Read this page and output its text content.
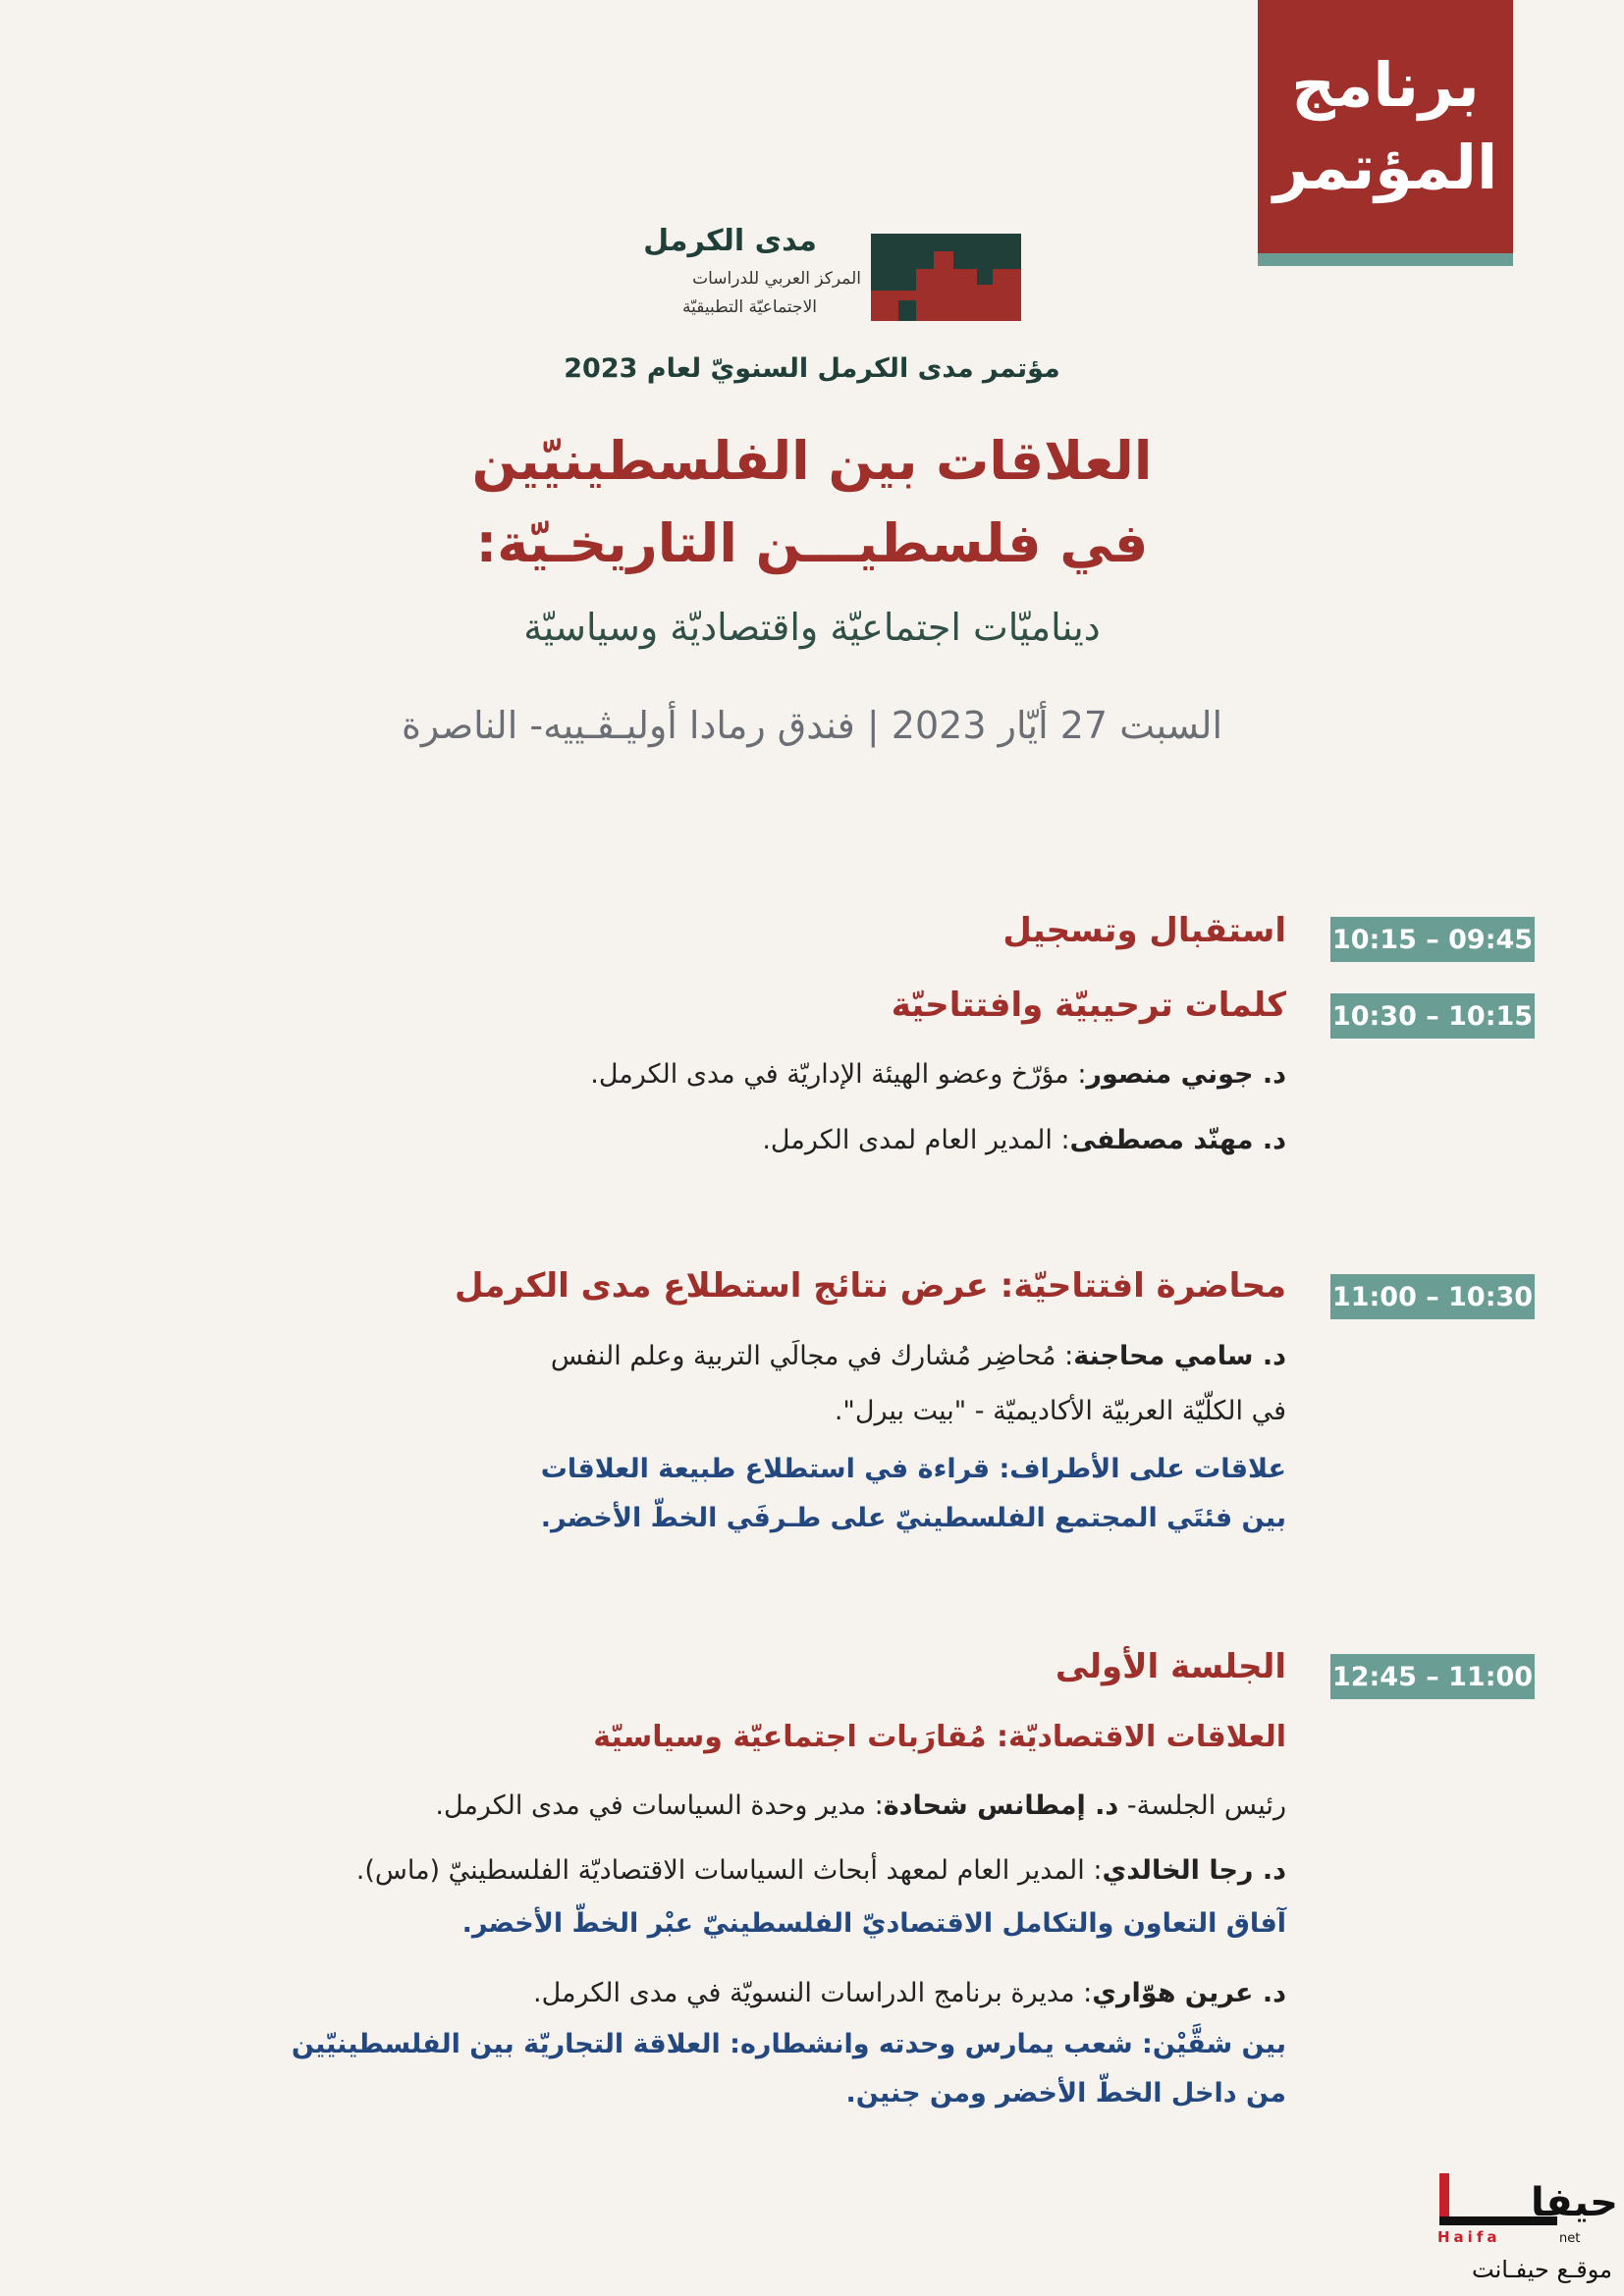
برنامج
المؤتمر
مدى الكرمل
المركز العربي للدراسات
الاجتماعيّة التطبيقيّة
مؤتمر مدى الكرمل السنويّ لعام 2023
العلاقات بين الفلسطينيّين
في فلسطيـــن التاريخـيّة:
ديناميّات اجتماعيّة واقتصاديّة وسياسيّة
السبت 27 أيّار 2023 | فندق رمادا أوليـڤـييه- الناصرة
10:15 – 09:45
استقبال وتسجيل
10:30 – 10:15
كلمات ترحيبيّة وافتتاحيّة
د. جوني منصور: مؤرّخ وعضو الهيئة الإداريّة في مدى الكرمل.
د. مهنّد مصطفى: المدير العام لمدى الكرمل.
11:00 – 10:30
محاضرة افتتاحيّة: عرض نتائج استطلاع مدى الكرمل
د. سامي محاجنة: مُحاضِر مُشارك في مجالَي التربية وعلم النفس
في الكلّيّة العربيّة الأكاديميّة - "بيت بيرل".
علاقات على الأطراف: قراءة في استطلاع طبيعة العلاقات
بين فئتَي المجتمع الفلسطينيّ على طـرفَي الخطّ الأخضر.
12:45 – 11:00
الجلسة الأولى
العلاقات الاقتصاديّة: مُقارَبات اجتماعيّة وسياسيّة
رئيس الجلسة- د. إمطانس شحادة: مدير وحدة السياسات في مدى الكرمل.
د. رجا الخالدي: المدير العام لمعهد أبحاث السياسات الاقتصاديّة الفلسطينيّ (ماس).
آفاق التعاون والتكامل الاقتصاديّ الفلسطينيّ عبْر الخطّ الأخضر.
د. عرين هوّاري: مديرة برنامج الدراسات النسويّة في مدى الكرمل.
بين شقَّيْن: شعب يمارس وحدته وانشطاره: العلاقة التجاريّة بين الفلسطينيّين
من داخل الخطّ الأخضر ومن جنين.
Haifa	net
حيفا
موقـع حيفـانت
